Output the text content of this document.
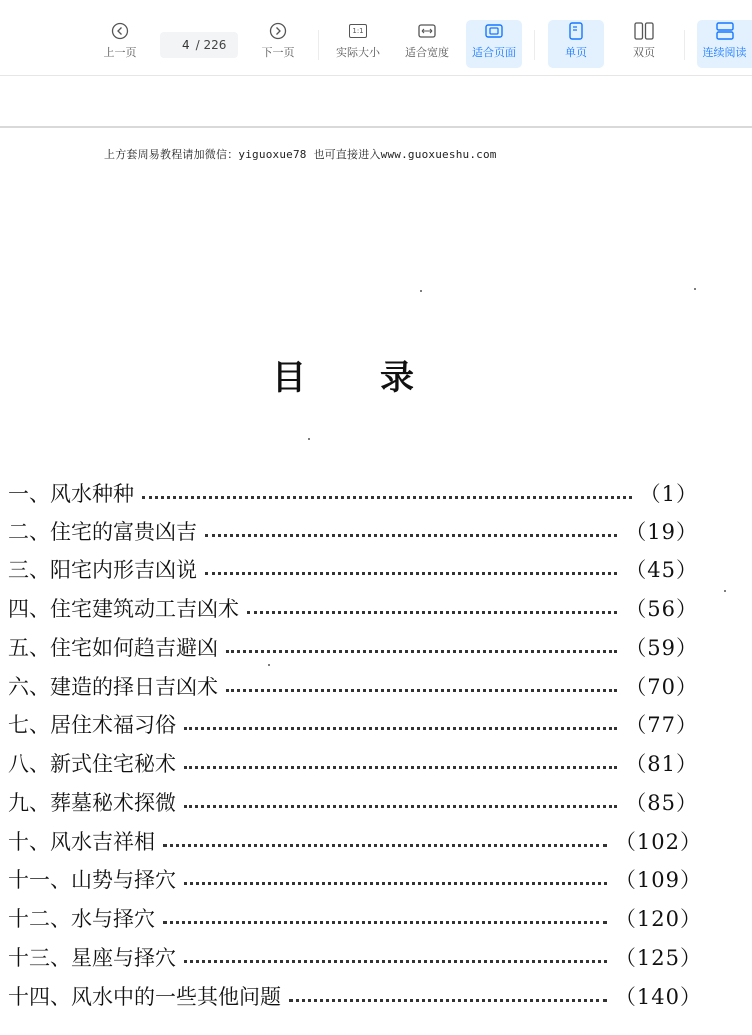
上一页
4
/ 226
下一页
1:1
实际大小 适合宽度 适合页面	单页	双页	连续阅读
上方套周易教程请加微信：yiguoxue78 也可直接进入www.guoxueshu.com
目录
一、风水种种	（1）
二、住宅的富贵凶吉	（19）
三、阳宅内形吉凶说	（45）
四、住宅建筑动工吉凶术	（56）
五、住宅如何趋吉避凶	（59）
六、建造的择日吉凶术	（70）
七、居住术福习俗	（77）
八、新式住宅秘术	（81）
九、葬墓秘术探微	（85）
十、风水吉祥相	（102）
十一、山势与择穴	（109）
十二、水与择穴	（120）
十三、星座与择穴	（125）
十四、风水中的一些其他问题	（140）
